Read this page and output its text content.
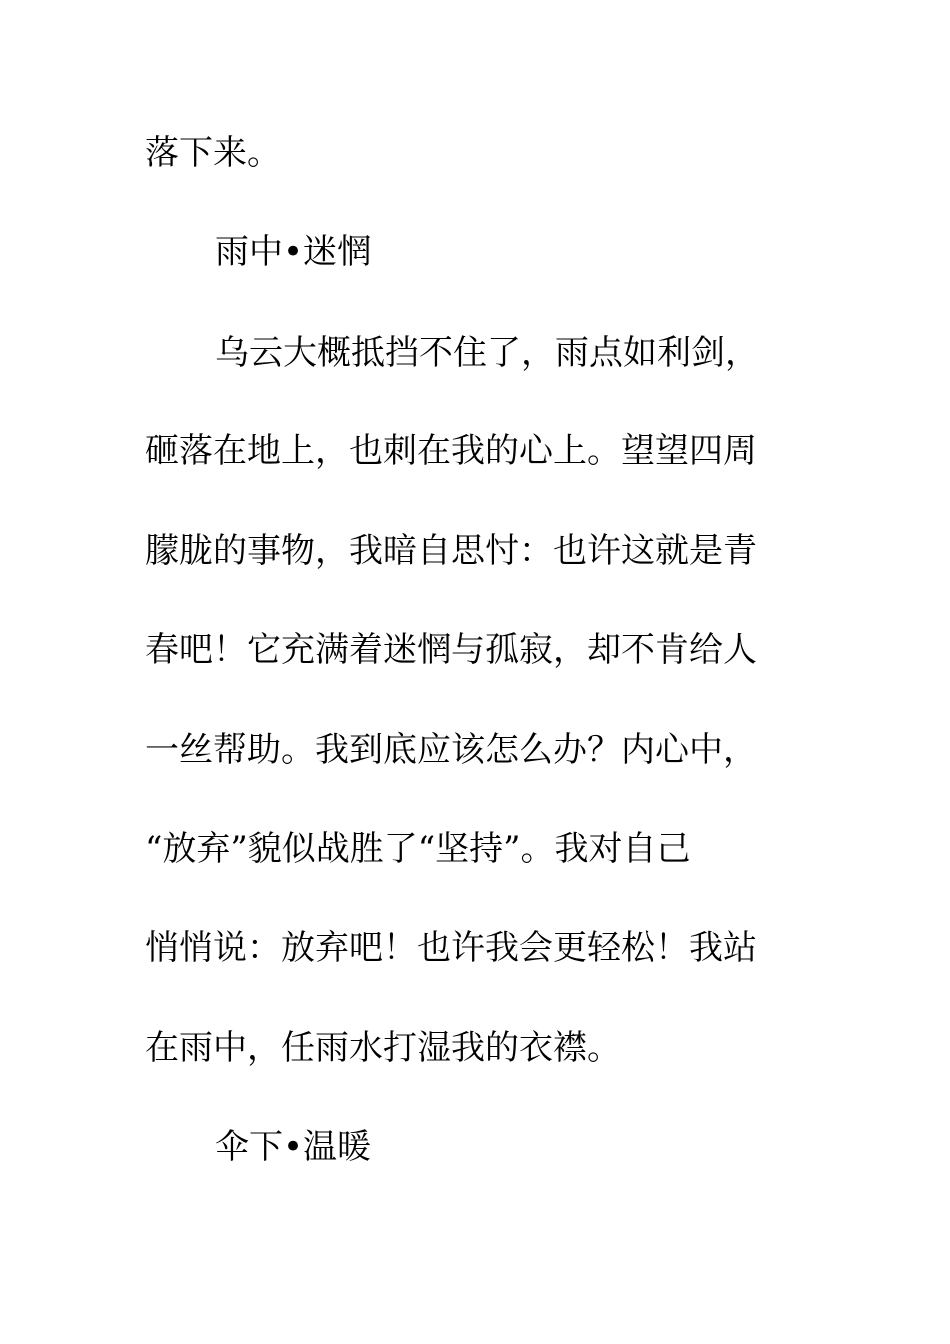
落下来。
雨中•迷惘
乌云大概抵挡不住了，雨点如利剑，
砸落在地上，也刺在我的心上。望望四周
朦胧的事物，我暗自思忖：也许这就是青
春吧！它充满着迷惘与孤寂，却不肯给人
一丝帮助。我到底应该怎么办？内心中，
“放弃”貌似战胜了“坚持”。我对自己
悄悄说：放弃吧！也许我会更轻松！我站
在雨中，任雨水打湿我的衣襟。
伞下•温暖
